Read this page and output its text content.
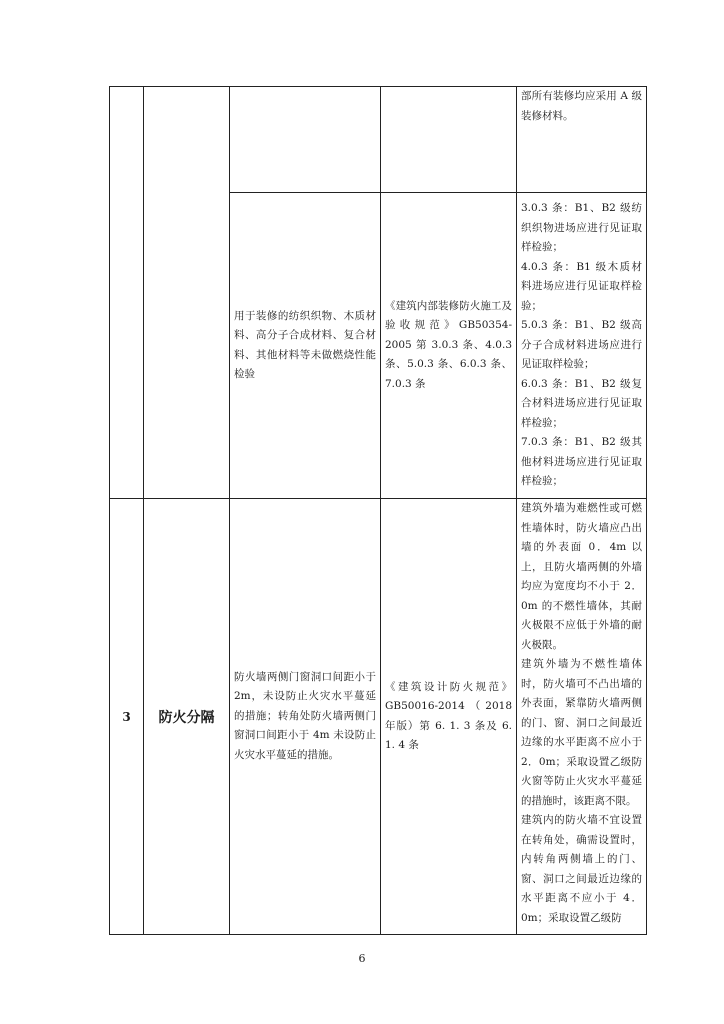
				部所有装修均应采用 A 级装修材料。

		用于装修的纺织织物、木质材料、高分子合成材料、复合材料、其他材料等未做燃烧性能检验	《建筑内部装修防火施工及验收规范》GB50354-2005 第 3.0.3 条、4.0.3 条、5.0.3 条、6.0.3 条、7.0.3 条	3.0.3 条：B1、B2 级纺织织物进场应进行见证取样检验；

4.0.3 条：B1 级木质材料进场应进行见证取样检验；

5.0.3 条：B1、B2 级高分子合成材料进场应进行见证取样检验；

6.0.3 条：B1、B2 级复合材料进场应进行见证取样检验；

7.0.3 条：B1、B2 级其他材料进场应进行见证取样检验；

3	防火分隔	防火墙两侧门窗洞口间距小于 2m，未设防止火灾水平蔓延的措施；转角处防火墙两侧门窗洞口间距小于 4m 未设防止火灾水平蔓延的措施。	《建筑设计防火规范》GB50016-2014（2018 年版）第 6. 1. 3 条及 6. 1. 4 条	建筑外墙为难燃性或可燃性墙体时，防火墙应凸出墙的外表面 0．4m 以上，且防火墙两侧的外墙均应为宽度均不小于 2．0m 的不燃性墙体，其耐火极限不应低于外墙的耐火极限。

建筑外墙为不燃性墙体时，防火墙可不凸出墙的外表面，紧靠防火墙两侧的门、窗、洞口之间最近边缘的水平距离不应小于 2．0m；采取设置乙级防火窗等防止火灾水平蔓延的措施时，该距离不限。

建筑内的防火墙不宜设置在转角处，确需设置时，内转角两侧墙上的门、窗、洞口之间最近边缘的水平距离不应小于 4．0m；采取设置乙级防

6
